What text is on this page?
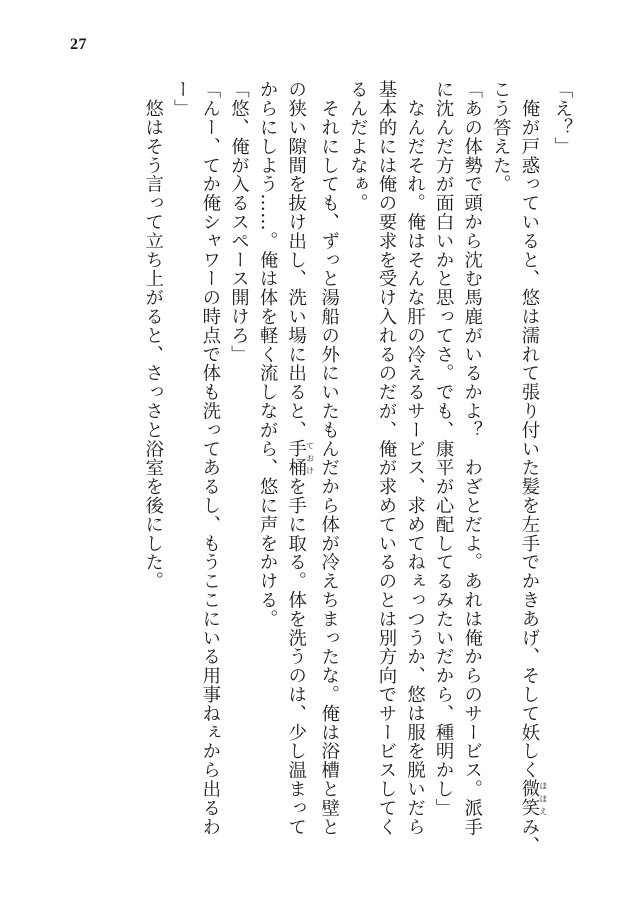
27
「え？」
　俺が戸惑っていると、悠は濡れて張り付いた髪を左手でかきあげ、そして妖しく微笑 ほほえみ、
こう答えた。
「あの体勢で頭から沈む馬鹿がいるかよ？　わざとだよ。あれは俺からのサービス。派手
に沈んだ方が面白いかと思ってさ。でも、康平が心配してるみたいだから、種明かし」
　なんだそれ。俺はそんな肝の冷えるサービス、求めてねぇっつうか、悠は服を脱いだら
基本的には俺の要求を受け入れるのだが、俺が求めているのとは別方向でサービスしてく
るんだよなぁ。
　それにしても、ずっと湯船の外にいたもんだから体が冷えちまったな。俺は浴槽と壁と
の狭い隙間を抜け出し、洗い場に出ると、手桶 ておけを手に取る。体を洗うのは、少し温まって
からにしよう……。俺は体を軽く流しながら、悠に声をかける。
「悠、俺が入るスペース開けろ」
「んー、てか俺シャワーの時点で体も洗ってあるし、もうここにいる用事ねぇから出るわ
ー」
　悠はそう言って立ち上がると、さっさと浴室を後にした。
